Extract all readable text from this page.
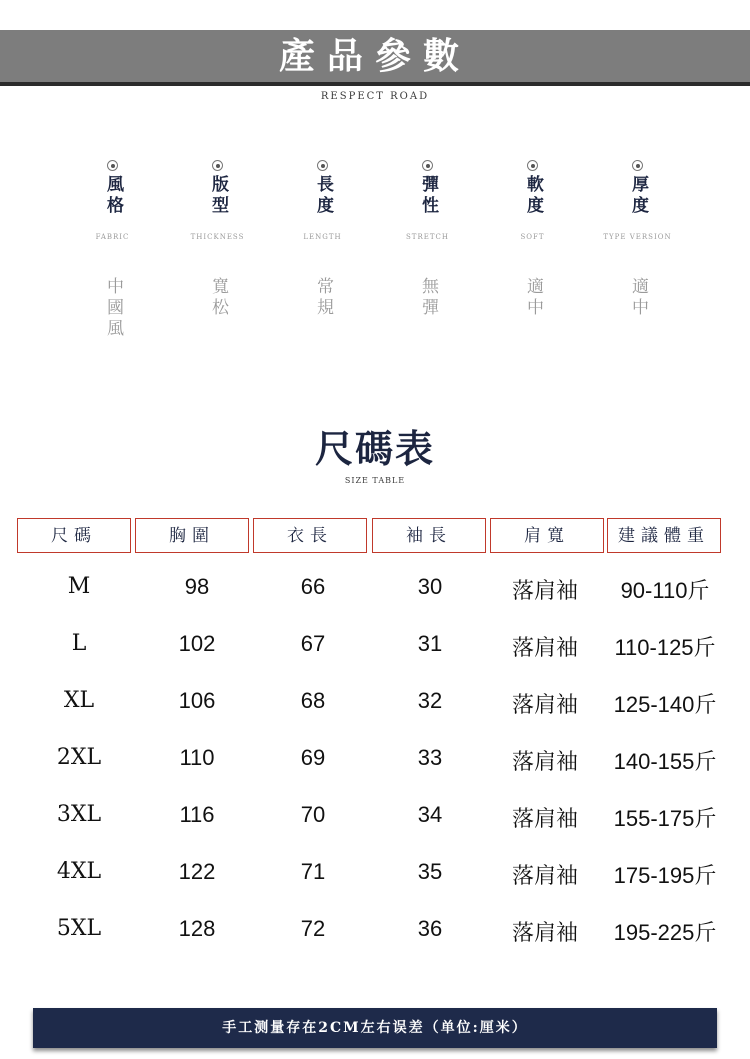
產品參數
RESPECT ROAD
風格
FABRIC
中國風
版型
THICKNESS
寬松
長度
LENGTH
常規
彈性
STRETCH
無彈
軟度
SOFT
適中
厚度
TYPE VERSION
適中
尺碼表
SIZE TABLE
尺碼	胸圍	衣長	袖長	肩寬	建議體重
M	98	66	30	落肩袖	90-110斤
L	102	67	31	落肩袖	110-125斤
XL	106	68	32	落肩袖	125-140斤
2XL	110	69	33	落肩袖	140-155斤
3XL	116	70	34	落肩袖	155-175斤
4XL	122	71	35	落肩袖	175-195斤
5XL	128	72	36	落肩袖	195-225斤
手工测量存在2CM左右误差（单位:厘米）
